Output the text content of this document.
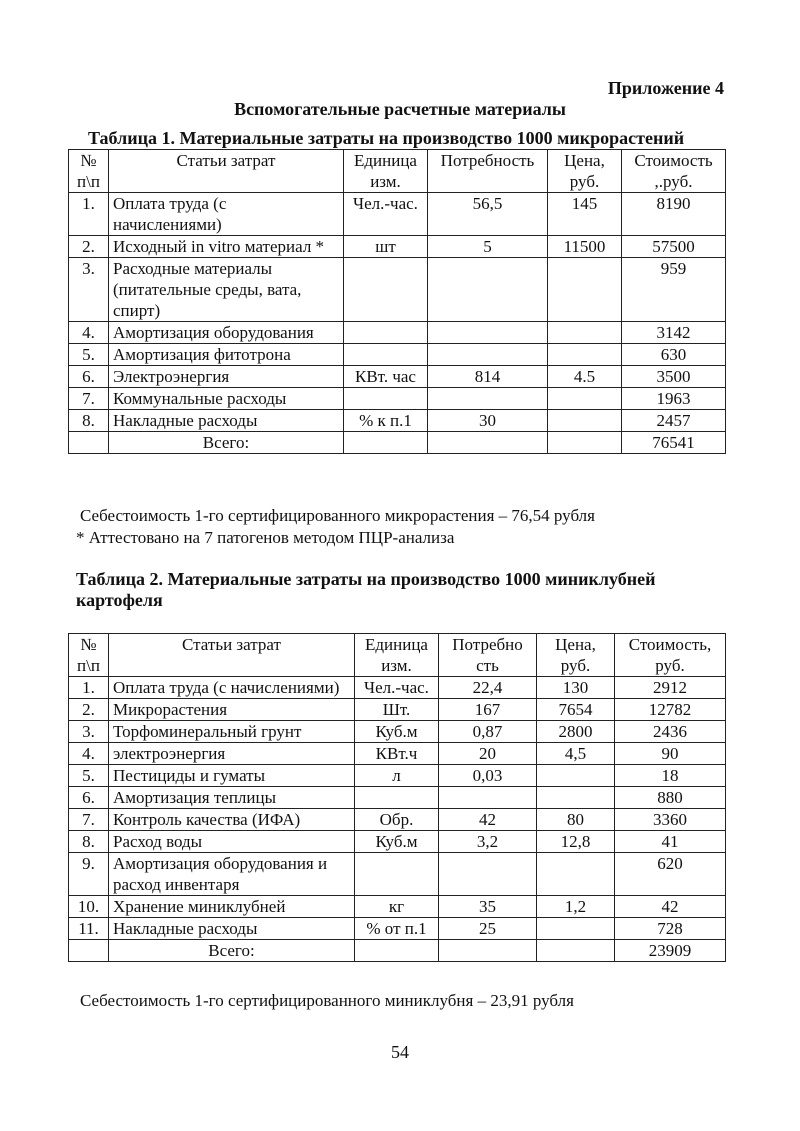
Приложение 4
Вспомогательные расчетные материалы
Таблица 1. Материальные затраты на производство 1000 микрорастений
№ п\п	Статьи затрат	Единица изм.	Потребность	Цена, руб.	Стоимость ,.руб.
1.	Оплата труда (с начислениями)	Чел.-час.	56,5	145	8190
2.	Исходный in vitro материал *	шт	5	11500	57500
3.	Расходные материалы (питательные среды, вата, спирт)				959
4.	Амортизация оборудования				3142
5.	Амортизация фитотрона				630
6.	Электроэнергия	КВт. час	814	4.5	3500
7.	Коммунальные расходы				1963
8.	Накладные расходы	% к п.1	30		2457
	Всего:				76541
Себестоимость 1-го сертифицированного микрорастения – 76,54 рубля
* Аттестовано на 7 патогенов методом ПЦР-анализа
Таблица 2. Материальные затраты на производство 1000 миниклубней картофеля
№ п\п	Статьи затрат	Единица изм.	Потребно сть	Цена, руб.	Стоимость, руб.
1.	Оплата труда (с начислениями)	Чел.-час.	22,4	130	2912
2.	Микрорастения	Шт.	167	7654	12782
3.	Торфоминеральный грунт	Куб.м	0,87	2800	2436
4.	электроэнергия	КВт.ч	20	4,5	90
5.	Пестициды и гуматы	л	0,03		18
6.	Амортизация теплицы				880
7.	Контроль качества (ИФА)	Обр.	42	80	3360
8.	Расход воды	Куб.м	3,2	12,8	41
9.	Амортизация оборудования и расход инвентаря				620
10.	Хранение миниклубней	кг	35	1,2	42
11.	Накладные расходы	% от п.1	25		728
	Всего:				23909
Себестоимость 1-го сертифицированного миниклубня – 23,91 рубля
54
